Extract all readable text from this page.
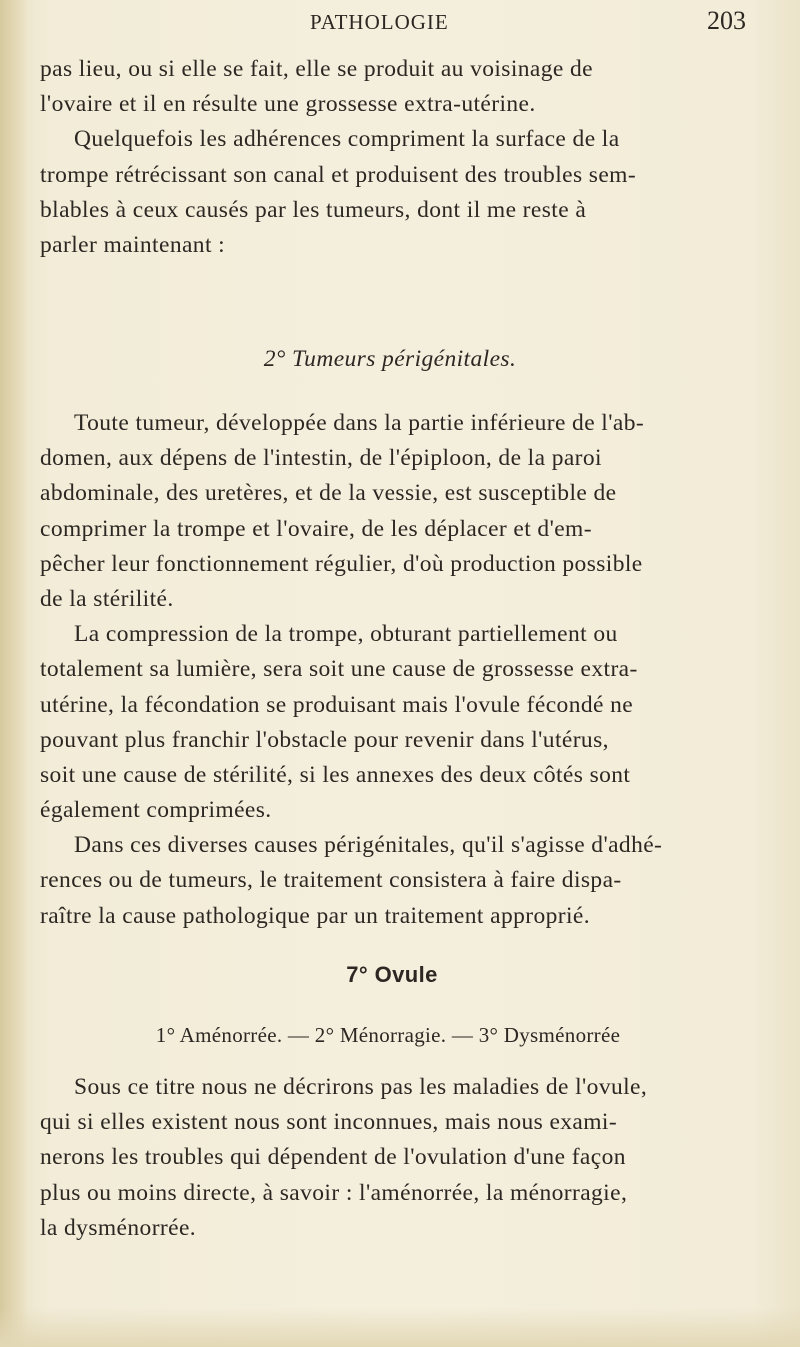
PATHOLOGIE	203
pas lieu, ou si elle se fait, elle se produit au voisinage de
l'ovaire et il en résulte une grossesse extra-utérine.
Quelquefois les adhérences compriment la surface de la
trompe rétrécissant son canal et produisent des troubles sem-
blables à ceux causés par les tumeurs, dont il me reste à
parler maintenant :
2° Tumeurs périgénitales.
Toute tumeur, développée dans la partie inférieure de l'ab-
domen, aux dépens de l'intestin, de l'épiploon, de la paroi
abdominale, des uretères, et de la vessie, est susceptible de
comprimer la trompe et l'ovaire, de les déplacer et d'em-
pêcher leur fonctionnement régulier, d'où production possible
de la stérilité.
La compression de la trompe, obturant partiellement ou
totalement sa lumière, sera soit une cause de grossesse extra-
utérine, la fécondation se produisant mais l'ovule fécondé ne
pouvant plus franchir l'obstacle pour revenir dans l'utérus,
soit une cause de stérilité, si les annexes des deux côtés sont
également comprimées.
Dans ces diverses causes périgénitales, qu'il s'agisse d'adhé-
rences ou de tumeurs, le traitement consistera à faire dispa-
raître la cause pathologique par un traitement approprié.
7° Ovule
1° Aménorrée. — 2° Ménorragie. — 3° Dysménorrée
Sous ce titre nous ne décrirons pas les maladies de l'ovule,
qui si elles existent nous sont inconnues, mais nous exami-
nerons les troubles qui dépendent de l'ovulation d'une façon
plus ou moins directe, à savoir : l'aménorrée, la ménorragie,
la dysménorrée.
